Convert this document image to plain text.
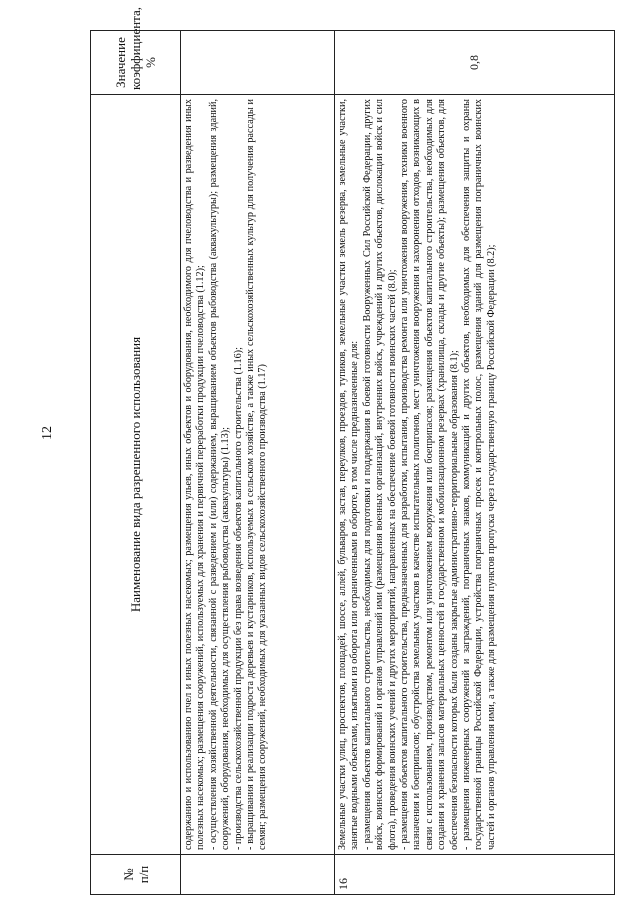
12
№
п/п	Наименование вида разрешенного использования	Значение коэффициента, %

	содержанию и использованию пчел и иных полезных насекомых; размещения ульев, иных объектов и оборудования, необходимого для пчеловодства и разведения иных полезных насекомых; размещения сооружений, используемых для хранения и первичной переработки продукции пчеловодства (1.12); - осуществления хозяйственной деятельности, связанной с разведением и (или) содержанием, выращиванием объектов рыбоводства (аквакультуры); размещения зданий, сооружений, оборудования, необходимых для осуществления рыбоводства (аквакультуры) (1.13); - производства сельскохозяйственной продукции без права возведения объектов капитального строительства (1.16); - выращивания и реализации подроста деревьев и кустарников, используемых в сельском хозяйстве, а также иных сельскохозяйственных культур для получения рассады и семян; размещения сооружений, необходимых для указанных видов сельскохозяйственного производства (1.17)	

16	Земельные участки улиц, проспектов, площадей, шоссе, аллей, бульваров, застав, переулков, проездов, тупиков, земельные участки земель резерва, земельные участки, занятые водными объектами, изъятыми из оборота или ограниченными в обороте, в том числе предназначенные для: - размещения объектов капитального строительства, необходимых для подготовки и поддержания в боевой готовности Вооруженных Сил Российской Федерации, других войск, воинских формирований и органов управлений ими (размещения военных организаций, внутренних войск, учреждений и других объектов, дислокации войск и сил флота), проведения воинских учений и других мероприятий, направленных на обеспечение боевой готовности воинских частей (8.0); - размещения объектов капитального строительства, предназначенных для разработки, испытания, производства ремонта или уничтожения вооружения, техники военного назначения и боеприпасов; обустройства земельных участков в качестве испытательных полигонов, мест уничтожения вооружения и захоронения отходов, возникающих в связи с использованием, производством, ремонтом или уничтожением вооружения или боеприпасов; размещения объектов капитального строительства, необходимых для создания и хранения запасов материальных ценностей в государственном и мобилизационном резервах (хранилища, склады и другие объекты); размещения объектов, для обеспечения безопасности которых были созданы закрытые административно-территориальные образования (8.1); - размещения инженерных сооружений и заграждений, пограничных знаков, коммуникаций и других объектов, необходимых для обеспечения защиты и охраны государственной границы Российской Федерации, устройства пограничных просек и контрольных полос, размещения зданий для размещения пограничных воинских частей и органов управления ими, а также для размещения пунктов пропуска через государственную границу Российской Федерации (8.2);	0,8
